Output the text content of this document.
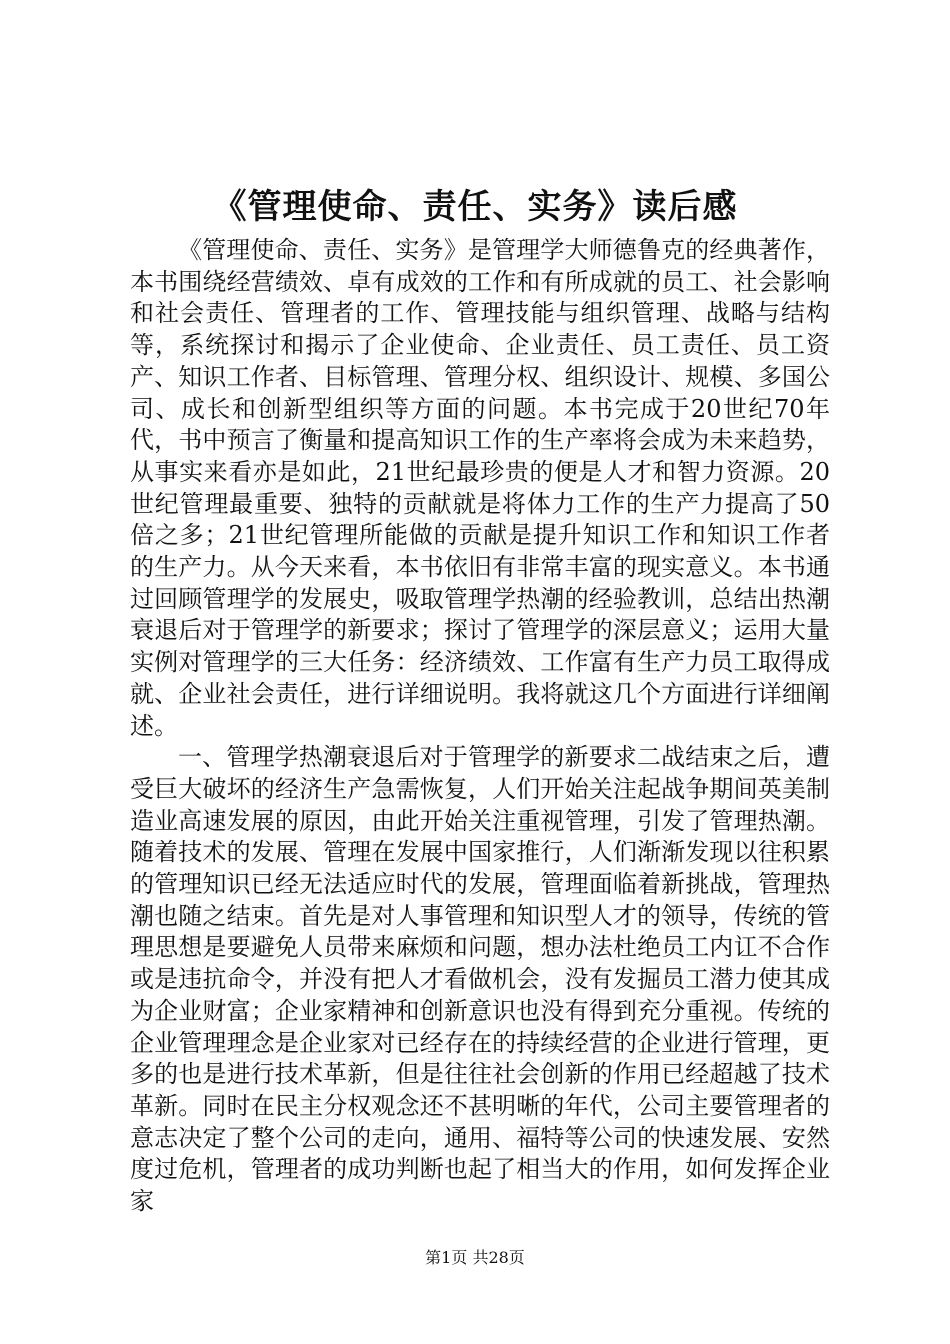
《管理使命、责任、实务》读后感

《管理使命、责任、实务》是管理学大师德鲁克的经典著作，本书围绕经营绩效、卓有成效的工作和有所成就的员工、社会影响和社会责任、管理者的工作、管理技能与组织管理、战略与结构等，系统探讨和揭示了企业使命、企业责任、员工责任、员工资产、知识工作者、目标管理、管理分权、组织设计、规模、多国公司、成长和创新型组织等方面的问题。本书完成于20世纪70年代，书中预言了衡量和提高知识工作的生产率将会成为未来趋势，从事实来看亦是如此，21世纪最珍贵的便是人才和智力资源。20世纪管理最重要、独特的贡献就是将体力工作的生产力提高了50倍之多；21世纪管理所能做的贡献是提升知识工作和知识工作者的生产力。从今天来看，本书依旧有非常丰富的现实意义。本书通过回顾管理学的发展史，吸取管理学热潮的经验教训，总结出热潮衰退后对于管理学的新要求；探讨了管理学的深层意义；运用大量实例对管理学的三大任务：经济绩效、工作富有生产力员工取得成就、企业社会责任，进行详细说明。我将就这几个方面进行详细阐述。

一、管理学热潮衰退后对于管理学的新要求二战结束之后，遭受巨大破坏的经济生产急需恢复，人们开始关注起战争期间英美制造业高速发展的原因，由此开始关注重视管理，引发了管理热潮。随着技术的发展、管理在发展中国家推行，人们渐渐发现以往积累的管理知识已经无法适应时代的发展，管理面临着新挑战，管理热潮也随之结束。首先是对人事管理和知识型人才的领导，传统的管理思想是要避免人员带来麻烦和问题，想办法杜绝员工内讧不合作或是违抗命令，并没有把人才看做机会，没有发掘员工潜力使其成为企业财富；企业家精神和创新意识也没有得到充分重视。传统的企业管理理念是企业家对已经存在的持续经营的企业进行管理，更多的也是进行技术革新，但是往往社会创新的作用已经超越了技术革新。同时在民主分权观念还不甚明晰的年代，公司主要管理者的意志决定了整个公司的走向，通用、福特等公司的快速发展、安然度过危机，管理者的成功判断也起了相当大的作用，如何发挥企业家

第1页 共28页
